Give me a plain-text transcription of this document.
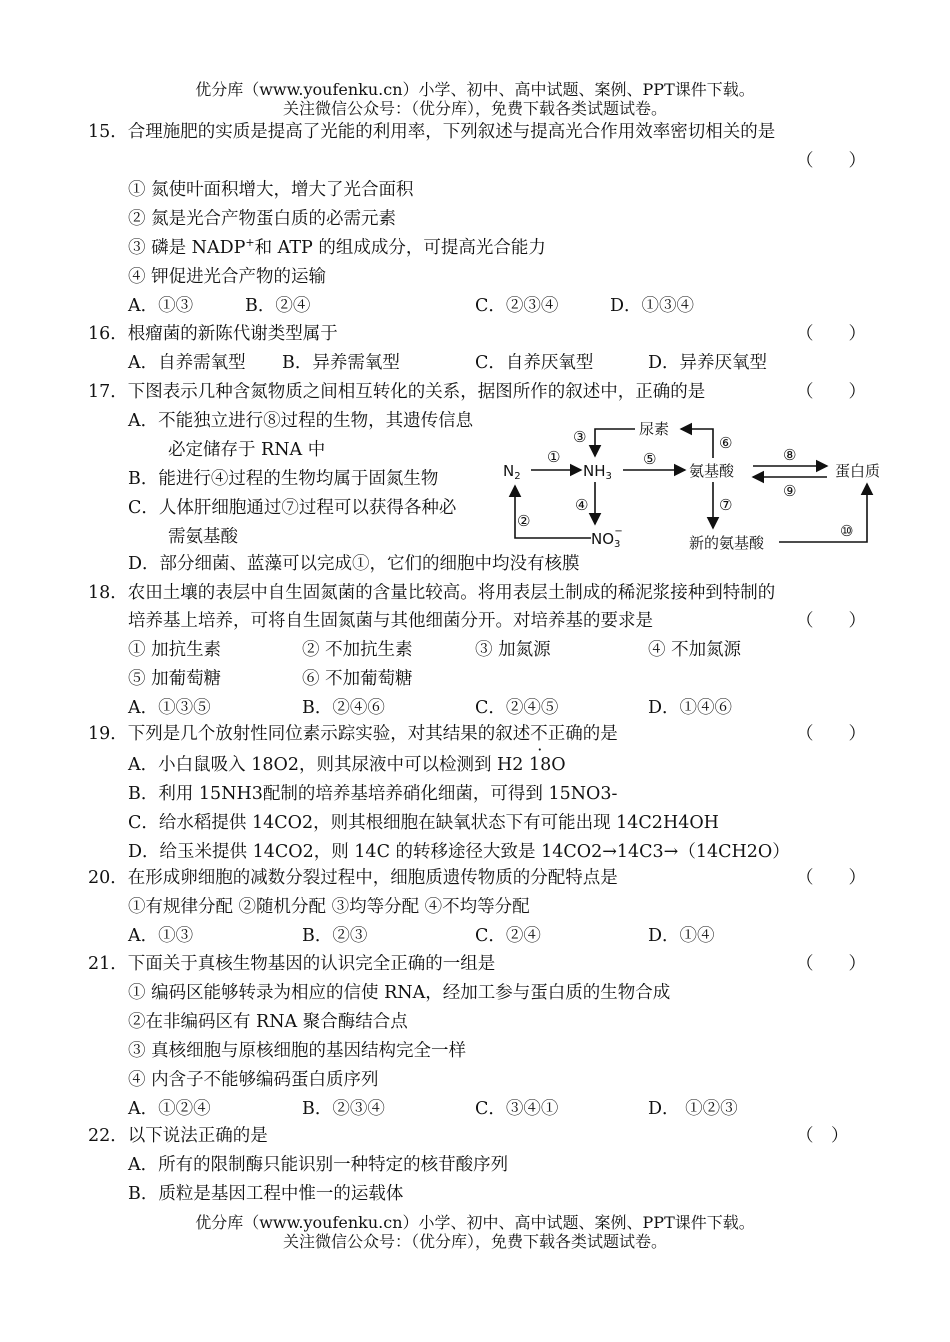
优分库（www.youfenku.cn）小学、初中、高中试题、案例、PPT课件下载。
关注微信公众号：（优分库），免费下载各类试题试卷。
15．合理施肥的实质是提高了光能的利用率，下列叙述与提高光合作用效率密切相关的是
（　　）
① 氮使叶面积增大，增大了光合面积
② 氮是光合产物蛋白质的必需元素
③ 磷是 NADP+和 ATP 的组成成分，可提高光合能力
④ 钾促进光合产物的运输
A．①③	B．②④	C．②③④	D．①③④
16．根瘤菌的新陈代谢类型属于	（　　）
A．自养需氧型 B．异养需氧型	C．自养厌氧型	D．异养厌氧型
17．下图表示几种含氮物质之间相互转化的关系，据图所作的叙述中，正确的是	（　　）
A．不能独立进行⑧过程的生物，其遗传信息
必定储存于 RNA 中
B．能进行④过程的生物均属于固氮生物
C．人体肝细胞通过⑦过程可以获得各种必
需氨基酸
D．部分细菌、蓝藻可以完成①，它们的细胞中均没有核膜
$N_2$	$NH_3$
$NO_3-$
尿素
氨基酸	蛋白质
新的氨基酸
①
②
③
④
⑤
⑥
⑦
⑧
⑨
⑩
18．农田土壤的表层中自生固氮菌的含量比较高。将用表层土制成的稀泥浆接种到特制的
培养基上培养，可将自生固氮菌与其他细菌分开。对培养基的要求是	（　　）
① 加抗生素	② 不加抗生素	③ 加氮源	④ 不加氮源
⑤ 加葡萄糖	⑥ 不加葡萄糖
A．①③⑤	B．②④⑥	C．②④⑤	D．①④⑥
19．下列是几个放射性同位素示踪实验，对其结果的叙述不正确的是	（　　）
A．小白鼠吸入 18O2，则其尿液中可以检测到 H2 18O
B．利用 15NH3配制的培养基培养硝化细菌，可得到 15NO3-
C．给水稻提供 14CO2，则其根细胞在缺氧状态下有可能出现 14C2H4OH
D．给玉米提供 14CO2，则 14C 的转移途径大致是 14CO2→14C3→（14CH2O）
20．在形成卵细胞的减数分裂过程中，细胞质遗传物质的分配特点是	（　　）
①有规律分配 ②随机分配 ③均等分配 ④不均等分配
A．①③	B．②③	C．②④	D．①④
21．下面关于真核生物基因的认识完全正确的一组是	（　　）
① 编码区能够转录为相应的信使 RNA，经加工参与蛋白质的生物合成
②在非编码区有 RNA 聚合酶结合点
③ 真核细胞与原核细胞的基因结构完全一样
④ 内含子不能够编码蛋白质序列
A．①②④	B．②③④	C．③④①	D． ①②③
22．以下说法正确的是	（　）
A．所有的限制酶只能识别一种特定的核苷酸序列
B．质粒是基因工程中惟一的运载体
优分库（www.youfenku.cn）小学、初中、高中试题、案例、PPT课件下载。
关注微信公众号：（优分库），免费下载各类试题试卷。
